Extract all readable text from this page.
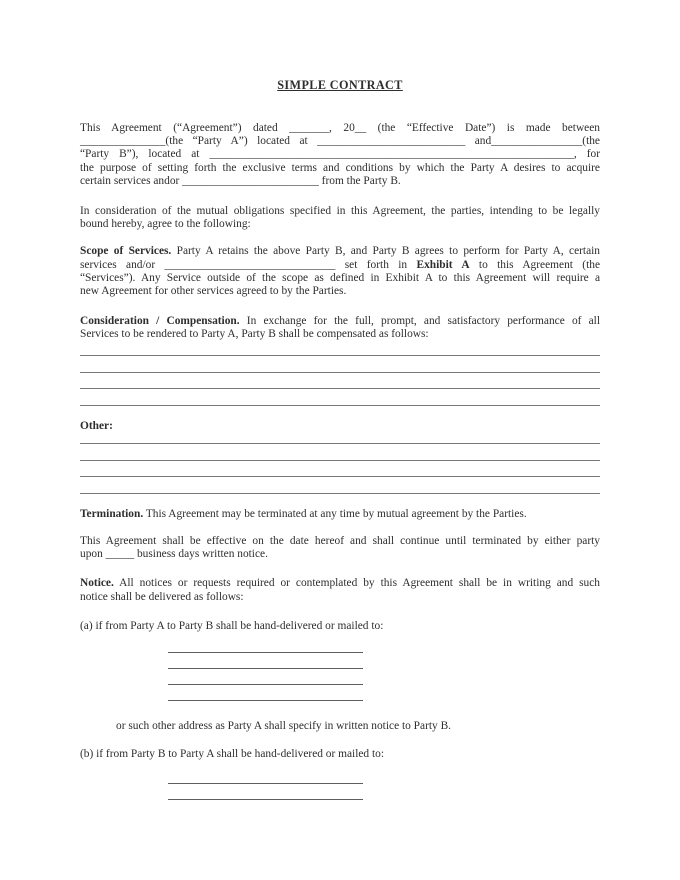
SIMPLE CONTRACT
This Agreement (“Agreement”) dated _______, 20__ (the “Effective Date”) is made between
_______________(the “Party A”) located at __________________________ and________________(the
“Party B”), located at ________________________________________________________________, for
the purpose of setting forth the exclusive terms and conditions by which the Party A desires to acquire
certain services andor ________________________ from the Party B.
In consideration of the mutual obligations specified in this Agreement, the parties, intending to be legally
bound hereby, agree to the following:
Scope of Services. Party A retains the above Party B, and Party B agrees to perform for Party A, certain
services and/or ______________________________ set forth in Exhibit A to this Agreement (the
“Services”). Any Service outside of the scope as defined in Exhibit A to this Agreement will require a
new Agreement for other services agreed to by the Parties.
Consideration / Compensation. In exchange for the full, prompt, and satisfactory performance of all
Services to be rendered to Party A, Party B shall be compensated as follows:
Other:
Termination. This Agreement may be terminated at any time by mutual agreement by the Parties.
This Agreement shall be effective on the date hereof and shall continue until terminated by either party
upon _____ business days written notice.
Notice. All notices or requests required or contemplated by this Agreement shall be in writing and such
notice shall be delivered as follows:
(a) if from Party A to Party B shall be hand-delivered or mailed to:
or such other address as Party A shall specify in written notice to Party B.
(b) if from Party B to Party A shall be hand-delivered or mailed to:
